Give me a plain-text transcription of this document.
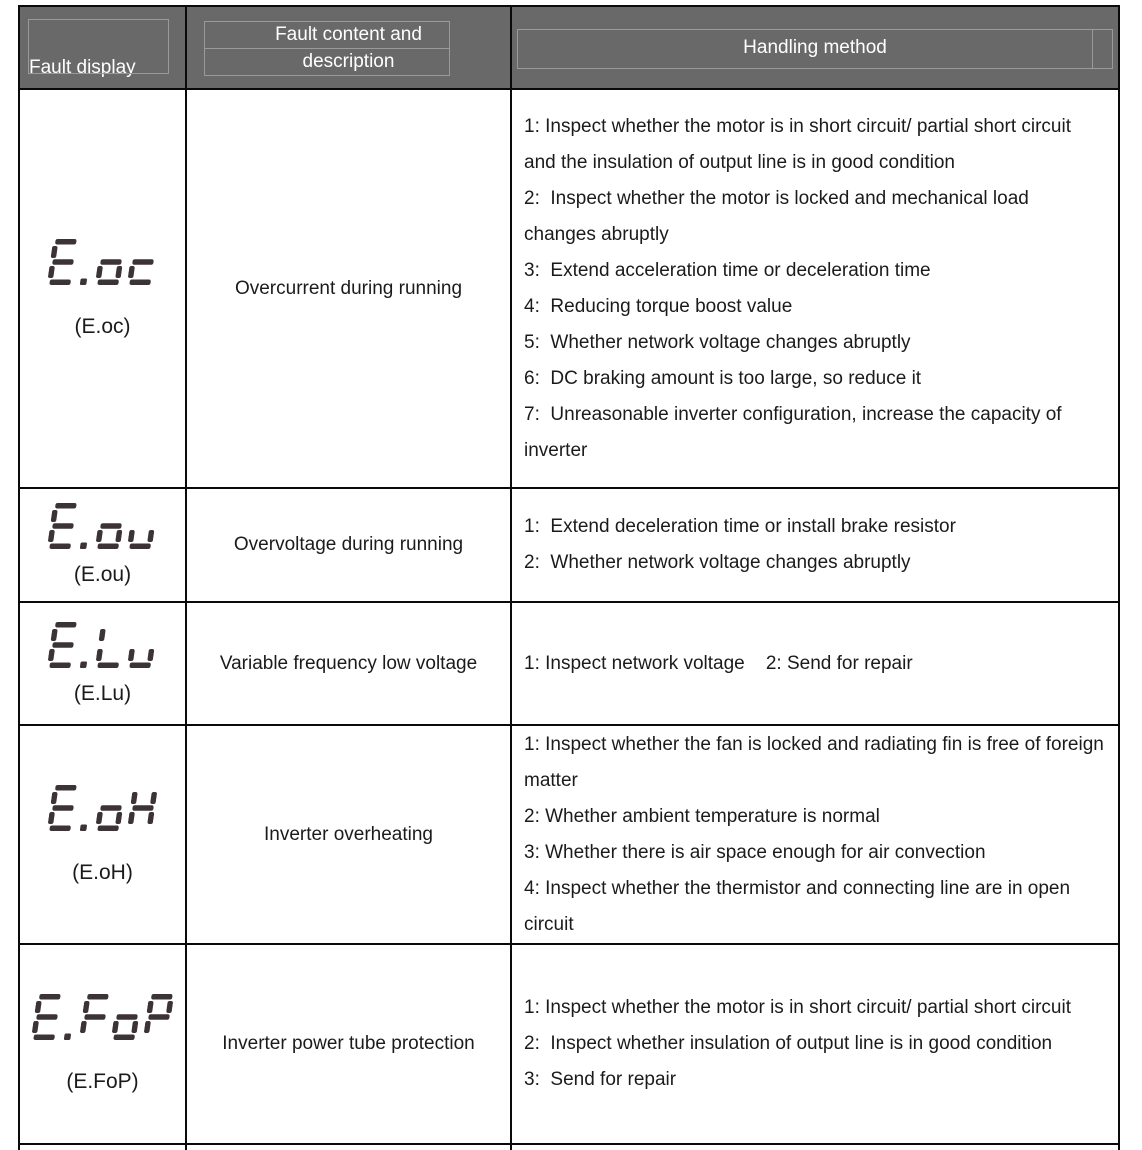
Fault display
Fault content and description
Handling method
(E.oc)
Overcurrent during running
1: Inspect whether the motor is in short circuit/ partial short circuit and the insulation of output line is in good condition
2:  Inspect whether the motor is locked and mechanical load changes abruptly
3:  Extend acceleration time or deceleration time
4:  Reducing torque boost value
5:  Whether network voltage changes abruptly
6:  DC braking amount is too large, so reduce it
7:  Unreasonable inverter configuration, increase the capacity of inverter
(E.ou)
Overvoltage during running
1:  Extend deceleration time or install brake resistor
2:  Whether network voltage changes abruptly
(E.Lu)
Variable frequency low voltage 1: Inspect network voltage    2: Send for repair
(E.oH)
Inverter overheating
1: Inspect whether the fan is locked and radiating fin is free of foreign matter
2: Whether ambient temperature is normal
3: Whether there is air space enough for air convection
4: Inspect whether the thermistor and connecting line are in open circuit
(E.FoP)
Inverter power tube protection
1: Inspect whether the motor is in short circuit/ partial short circuit
2:  Inspect whether insulation of output line is in good condition
3:  Send for repair
